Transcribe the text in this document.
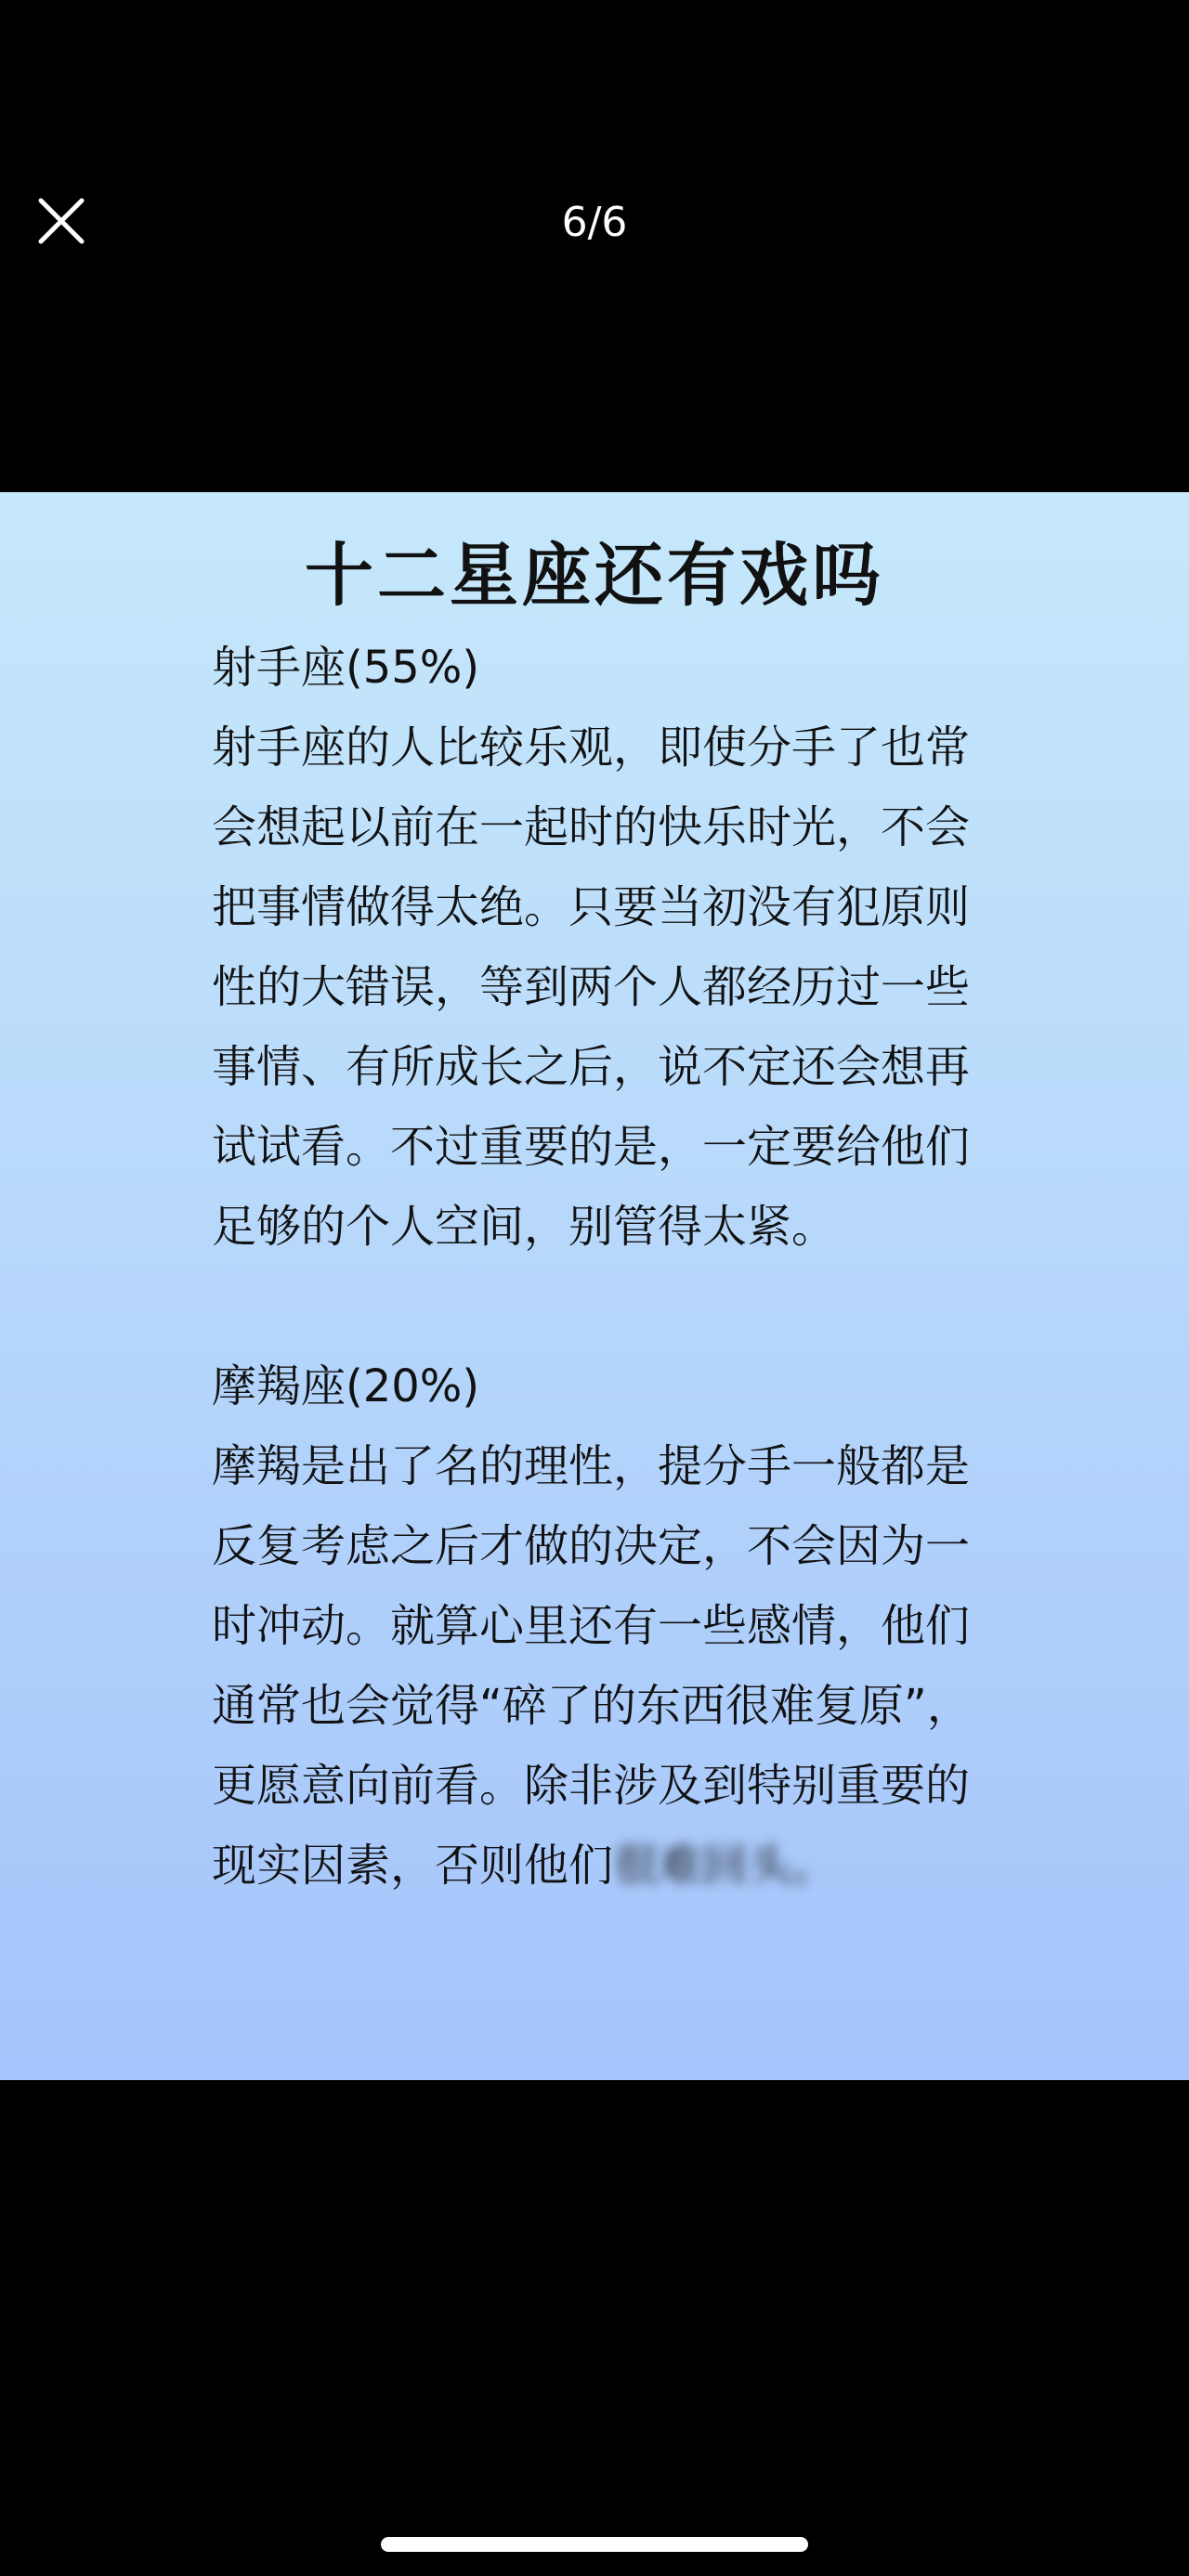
6/6
十二星座还有戏吗

射手座(55%)

射手座的人比较乐观，即使分手了也常会想起以前在一起时的快乐时光，不会把事情做得太绝。只要当初没有犯原则性的大错误，等到两个人都经历过一些事情、有所成长之后，说不定还会想再试试看。不过重要的是，一定要给他们足够的个人空间，别管得太紧。

摩羯座(20%)

摩羯是出了名的理性，提分手一般都是反复考虑之后才做的决定，不会因为一时冲动。就算心里还有一些感情，他们通常也会觉得“碎了的东西很难复原”，更愿意向前看。除非涉及到特别重要的现实因素，否则他们很难回头。
